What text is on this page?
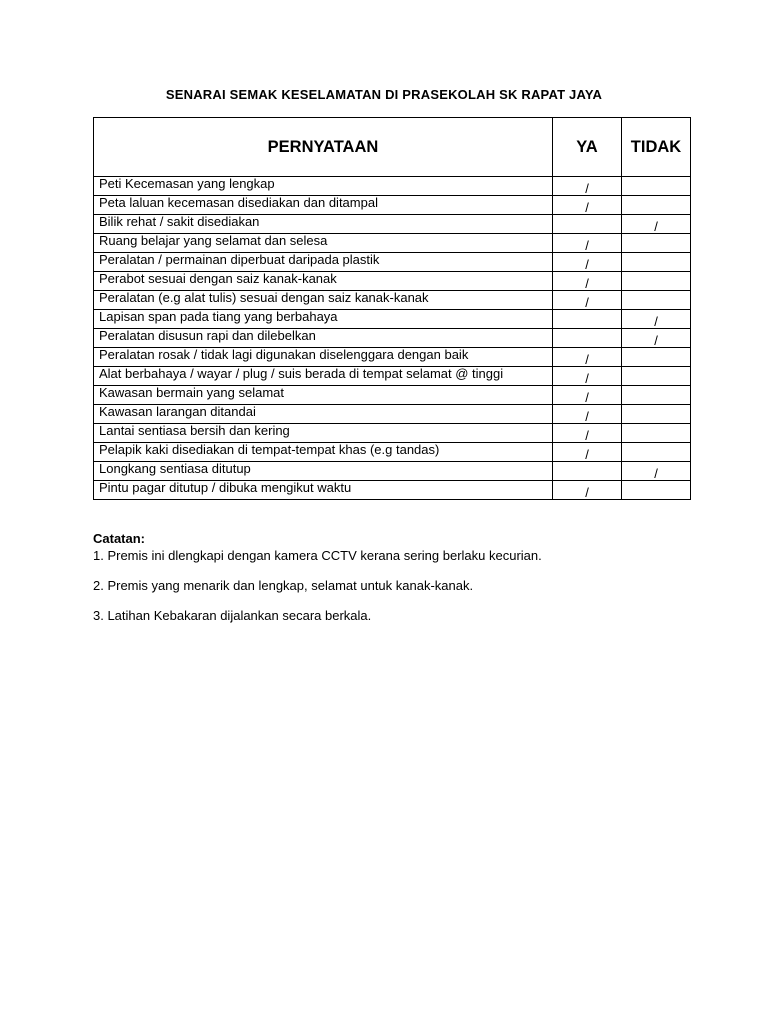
SENARAI SEMAK KESELAMATAN DI PRASEKOLAH SK RAPAT JAYA
PERNYATAAN	YA	TIDAK
Peti Kecemasan yang lengkap	/	
Peta laluan kecemasan disediakan dan ditampal	/	
Bilik rehat / sakit disediakan		/
Ruang belajar yang selamat dan selesa	/	
Peralatan / permainan diperbuat daripada plastik	/	
Perabot sesuai dengan saiz kanak-kanak	/	
Peralatan (e.g alat tulis) sesuai dengan saiz kanak-kanak	/	
Lapisan span pada tiang yang berbahaya		/
Peralatan disusun rapi dan dilebelkan		/
Peralatan rosak / tidak lagi digunakan diselenggara dengan baik	/	
Alat berbahaya / wayar / plug / suis berada di tempat selamat @ tinggi	/	
Kawasan bermain yang selamat	/	
Kawasan larangan ditandai	/	
Lantai sentiasa bersih dan kering	/	
Pelapik kaki disediakan di tempat-tempat khas (e.g tandas)	/	
Longkang sentiasa ditutup		/
Pintu pagar ditutup / dibuka mengikut waktu	/	

Catatan:

1. Premis ini dlengkapi dengan kamera CCTV kerana sering berlaku kecurian.

2. Premis yang menarik dan lengkap, selamat untuk kanak-kanak.

3. Latihan Kebakaran dijalankan secara berkala.
